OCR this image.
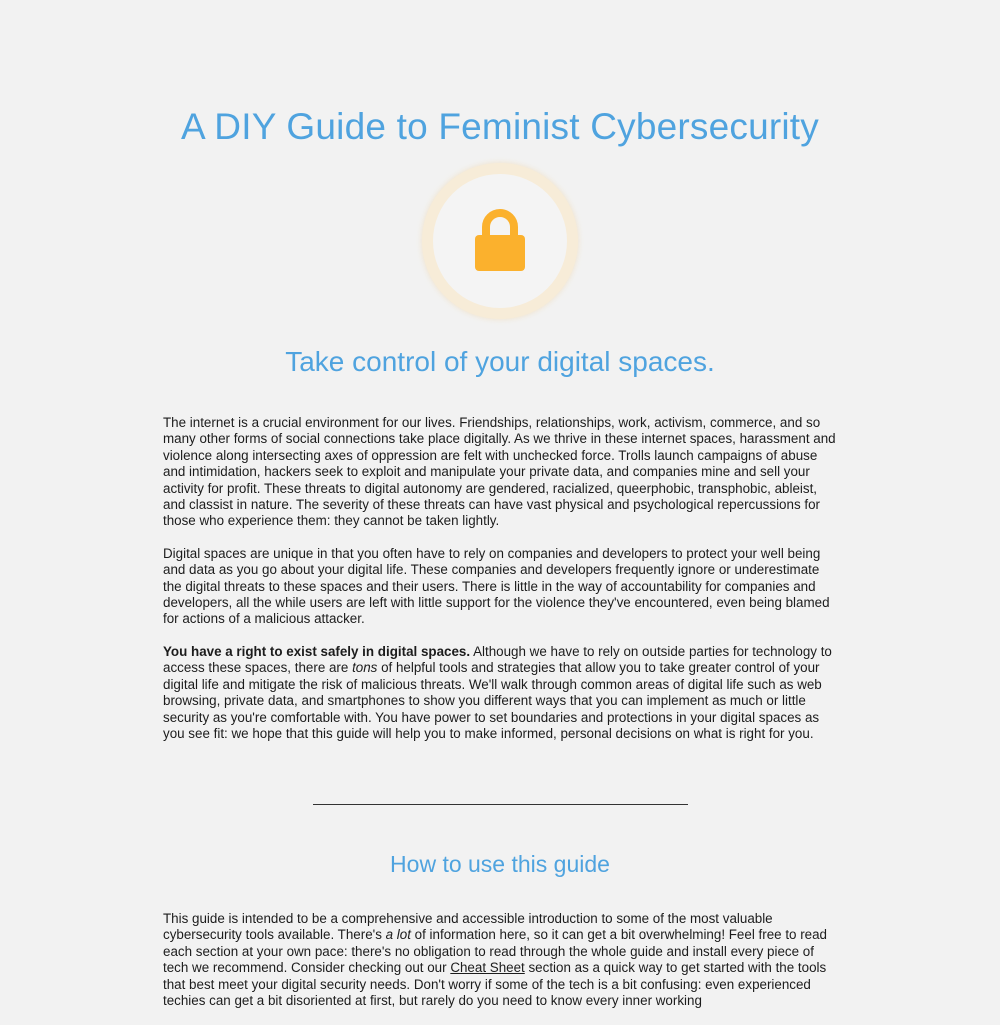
A DIY Guide to Feminist Cybersecurity
Take control of your digital spaces.

The internet is a crucial environment for our lives. Friendships, relationships, work, activism, commerce, and so many other forms of social connections take place digitally. As we thrive in these internet spaces, harassment and violence along intersecting axes of oppression are felt with unchecked force. Trolls launch campaigns of abuse and intimidation, hackers seek to exploit and manipulate your private data, and companies mine and sell your activity for profit. These threats to digital autonomy are gendered, racialized, queerphobic, transphobic, ableist, and classist in nature. The severity of these threats can have vast physical and psychological repercussions for those who experience them: they cannot be taken lightly.

Digital spaces are unique in that you often have to rely on companies and developers to protect your well being and data as you go about your digital life. These companies and developers frequently ignore or underestimate the digital threats to these spaces and their users. There is little in the way of accountability for companies and developers, all the while users are left with little support for the violence they've encountered, even being blamed for actions of a malicious attacker.

You have a right to exist safely in digital spaces. Although we have to rely on outside parties for technology to access these spaces, there are tons of helpful tools and strategies that allow you to take greater control of your digital life and mitigate the risk of malicious threats. We'll walk through common areas of digital life such as web browsing, private data, and smartphones to show you different ways that you can implement as much or little security as you're comfortable with. You have power to set boundaries and protections in your digital spaces as you see fit: we hope that this guide will help you to make informed, personal decisions on what is right for you.

How to use this guide

This guide is intended to be a comprehensive and accessible introduction to some of the most valuable cybersecurity tools available. There's a lot of information here, so it can get a bit overwhelming! Feel free to read each section at your own pace: there's no obligation to read through the whole guide and install every piece of tech we recommend. Consider checking out our Cheat Sheet section as a quick way to get started with the tools that best meet your digital security needs. Don't worry if some of the tech is a bit confusing: even experienced techies can get a bit disoriented at first, but rarely do you need to know every inner working
